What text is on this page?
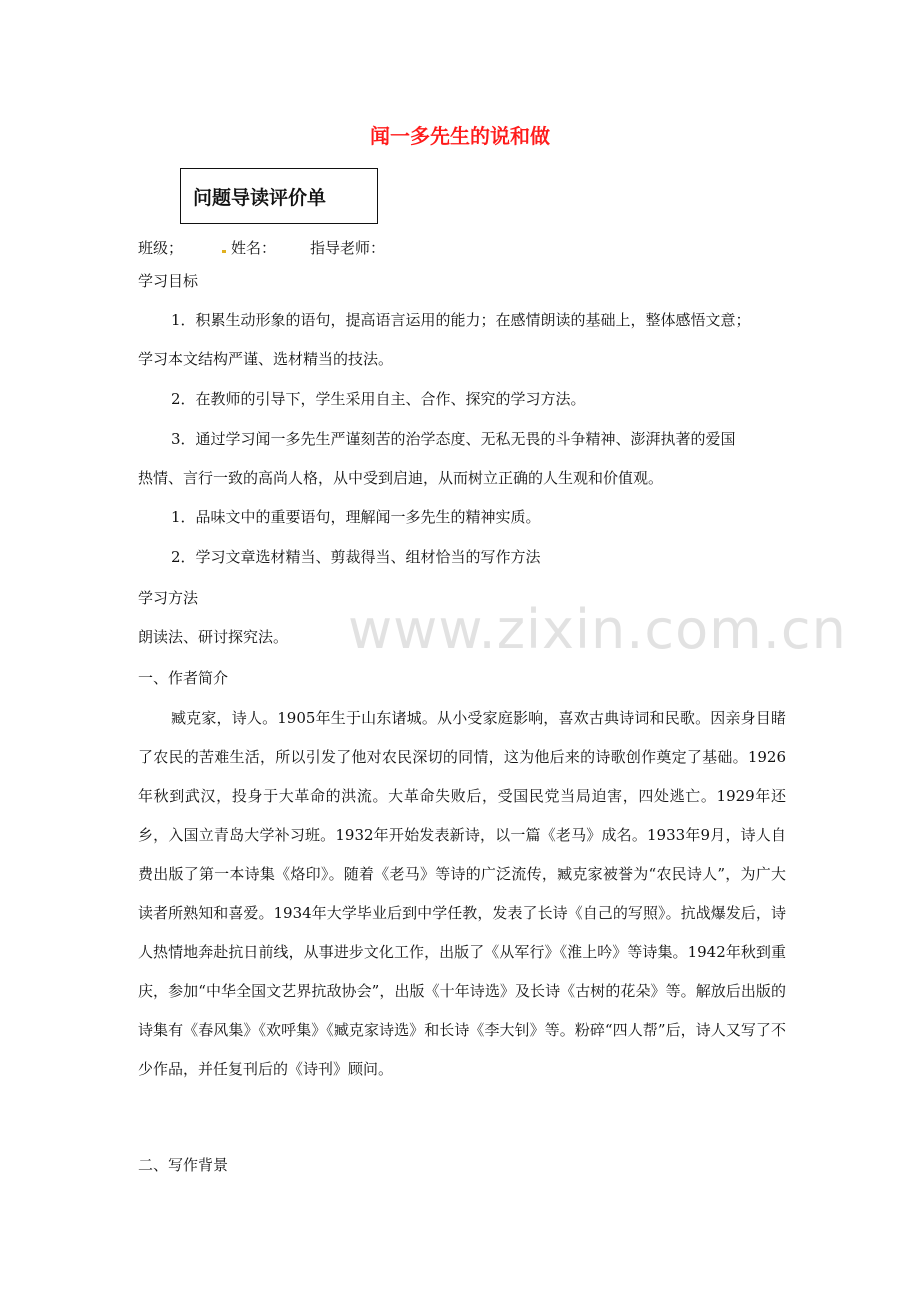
闻一多先生的说和做
问题导读评价单
班级；	姓名： 指导老师：

学习目标

1．积累生动形象的语句，提高语言运用的能力；在感情朗读的基础上，整体感悟文意；

学习本文结构严谨、选材精当的技法。

2．在教师的引导下，学生采用自主、合作、探究的学习方法。

3．通过学习闻一多先生严谨刻苦的治学态度、无私无畏的斗争精神、澎湃执著的爱国

热情、言行一致的高尚人格，从中受到启迪，从而树立正确的人生观和价值观。

1．品味文中的重要语句，理解闻一多先生的精神实质。

2．学习文章选材精当、剪裁得当、组材恰当的写作方法

学习方法

朗读法、研讨探究法。

一、作者简介

臧克家，诗人。1905年生于山东诸城。从小受家庭影响，喜欢古典诗词和民歌。因亲身目睹了农民的苦难生活，所以引发了他对农民深切的同情，这为他后来的诗歌创作奠定了基础。1926年秋到武汉，投身于大革命的洪流。大革命失败后，受国民党当局迫害，四处逃亡。1929年还乡，入国立青岛大学补习班。1932年开始发表新诗，以一篇《老马》成名。1933年9月，诗人自费出版了第一本诗集《烙印》。随着《老马》等诗的广泛流传，臧克家被誉为“农民诗人”，为广大读者所熟知和喜爱。1934年大学毕业后到中学任教，发表了长诗《自己的写照》。抗战爆发后，诗人热情地奔赴抗日前线，从事进步文化工作，出版了《从军行》《淮上吟》等诗集。1942年秋到重庆，参加“中华全国文艺界抗敌协会”，出版《十年诗选》及长诗《古树的花朵》等。解放后出版的诗集有《春风集》《欢呼集》《臧克家诗选》和长诗《李大钊》等。粉碎“四人帮”后，诗人又写了不少作品，并任复刊后的《诗刊》顾问。

二、写作背景

www.zixin.com.cn
